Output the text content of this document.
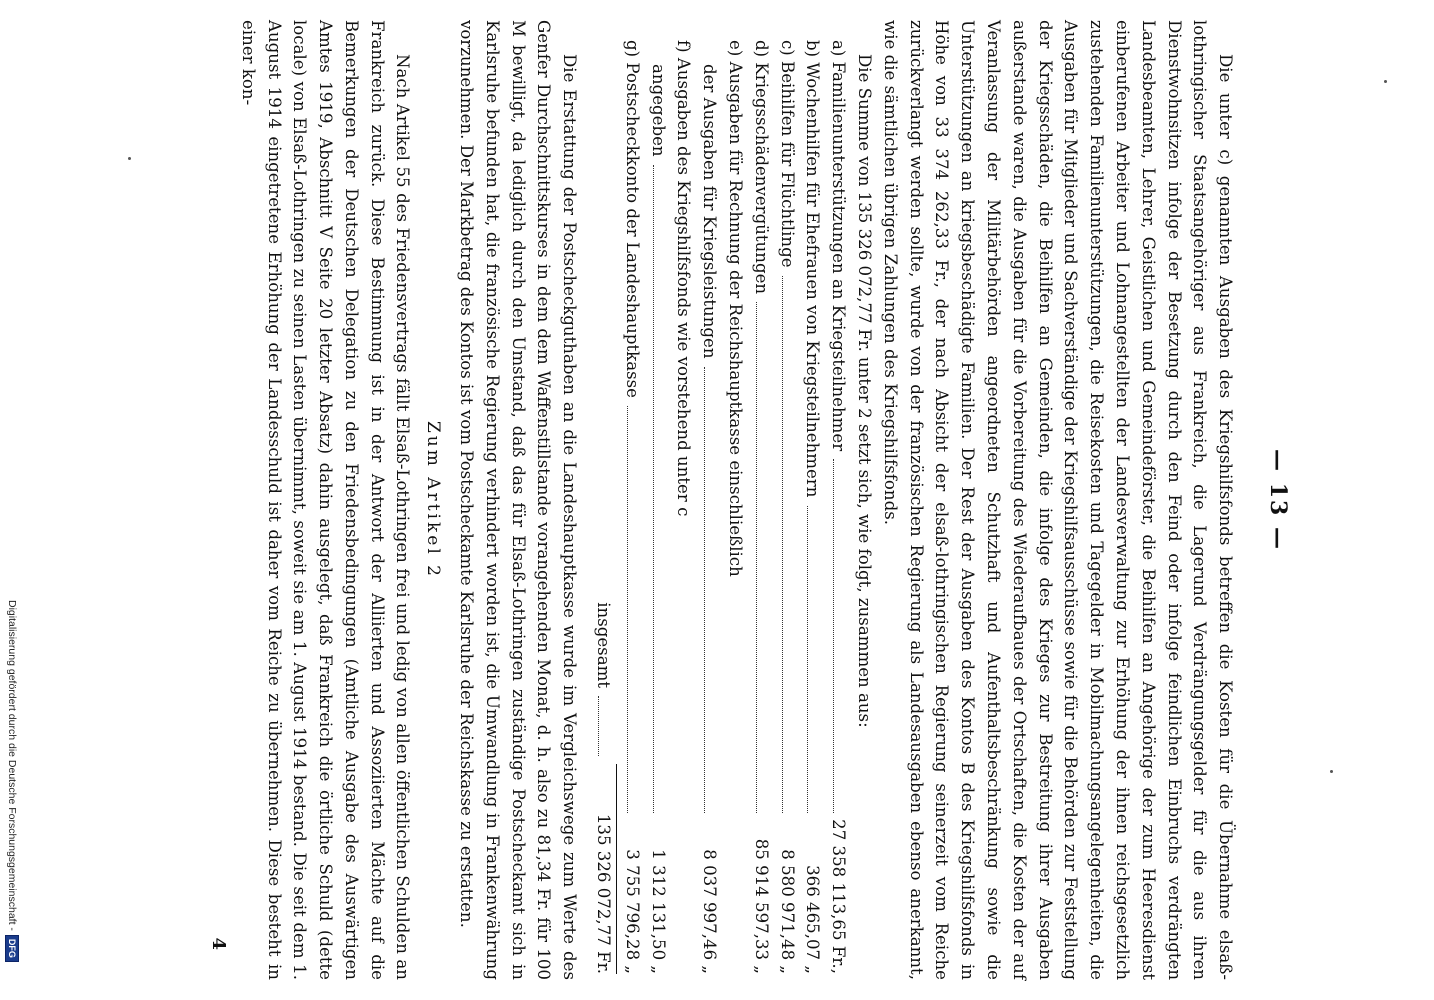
— 13 —

Die unter c) genannten Ausgaben des Kriegshilfsfonds betreffen die Kosten für die Übernahme elsaß-lothringischer Staatsangehöriger aus Frankreich, die Lagerund Verdrängungsgelder für die aus ihren Dienstwohnsitzen infolge der Besetzung durch den Feind oder infolge feindlichen Einbruchs verdrängten Landesbeamten, Lehrer, Geistlichen und Gemeindeförster, die Beihilfen an Angehörige der zum Heeresdienst einberufenen Arbeiter und Lohnangestellten der Landesverwaltung zur Erhöhung der ihnen reichsgesetzlich zustehenden Familienunterstützungen, die Reisekosten und Tagegelder in Mobilmachungsangelegenheiten, die Ausgaben für Mitglieder und Sachverständige der Kriegshilfsausschüsse sowie für die Behörden zur Feststellung der Kriegsschäden, die Beihilfen an Gemeinden, die infolge des Krieges zur Bestreitung ihrer Ausgaben außerstande waren, die Ausgaben für die Vorbereitung des Wiederaufbaues der Ortschaften, die Kosten der auf Veranlassung der Militärbehörden angeordneten Schutzhaft und Aufenthaltsbeschränkung sowie die Unterstützungen an kriegsbeschädigte Familien. Der Rest der Ausgaben des Kontos B des Kriegshilfsfonds in Höhe von 33 374 262,33 Fr., der nach Absicht der elsaß-lothringischen Regierung seinerzeit vom Reiche zurückverlangt werden sollte, wurde von der französischen Regierung als Landesausgaben ebenso anerkannt, wie die sämtlichen übrigen Zahlungen des Kriegshilfsfonds.

Die Summe von 135 326 072,77 Fr. unter 2 setzt sich, wie folgt, zusammen aus:

a) Familienunterstützungen an Kriegsteilnehmer
27 358 113,65 Fr.,
b) Wochenhilfen für Ehefrauen von Kriegsteilnehmern
366 465,07 „
c) Beihilfen für Flüchtlinge
8 580 971,48 „
d) Kriegsschädenvergütungen
85 914 597,33 „
e) Ausgaben für Rechnung der Reichshauptkasse einschließlich
der Ausgaben für Kriegsleistungen
8 037 997,46 „
f) Ausgaben des Kriegshilfsfonds wie vorstehend unter c
angegeben
1 312 131,50 „
g) Postscheckkonto der Landeshauptkasse
3 755 796,28 „
insgesamt
135 326 072,77 Fr.

Die Erstattung der Postscheckguthaben an die Landeshauptkasse wurde im Vergleichswege zum Werte des Genfer Durchschnittskurses in dem dem Waffenstillstande vorangehenden Monat, d. h. also zu 81,34 Fr. für 100 M bewilligt, da lediglich durch den Umstand, daß das für Elsaß-Lothringen zuständige Postscheckamt sich in Karlsruhe befunden hat, die französische Regierung verhindert worden ist, die Umwandlung in Frankenwährung vorzunehmen. Der Markbetrag des Kontos ist vom Postscheckamte Karlsruhe der Reichskasse zu erstatten.

Zum Artikel 2

Nach Artikel 55 des Friedensvertrags fällt Elsaß-Lothringen frei und ledig von allen öffentlichen Schulden an Frankreich zurück. Diese Bestimmung ist in der Antwort der Alliierten und Assoziierten Mächte auf die Bemerkungen der Deutschen Delegation zu den Friedensbedingungen (Amtliche Ausgabe des Auswärtigen Amtes 1919, Abschnitt V Seite 20 letzter Absatz) dahin ausgelegt, daß Frankreich die örtliche Schuld (dette locale) von Elsaß-Lothringen zu seinen Lasten übernimmt, soweit sie am 1. August 1914 bestand. Die seit dem 1. August 1914 eingetretene Erhöhung der Landesschuld ist daher vom Reiche zu übernehmen. Diese besteht in einer kon-

4
Digitalisierung gefördert durch die Deutsche Forschungsgemeinschaft -
DFG
